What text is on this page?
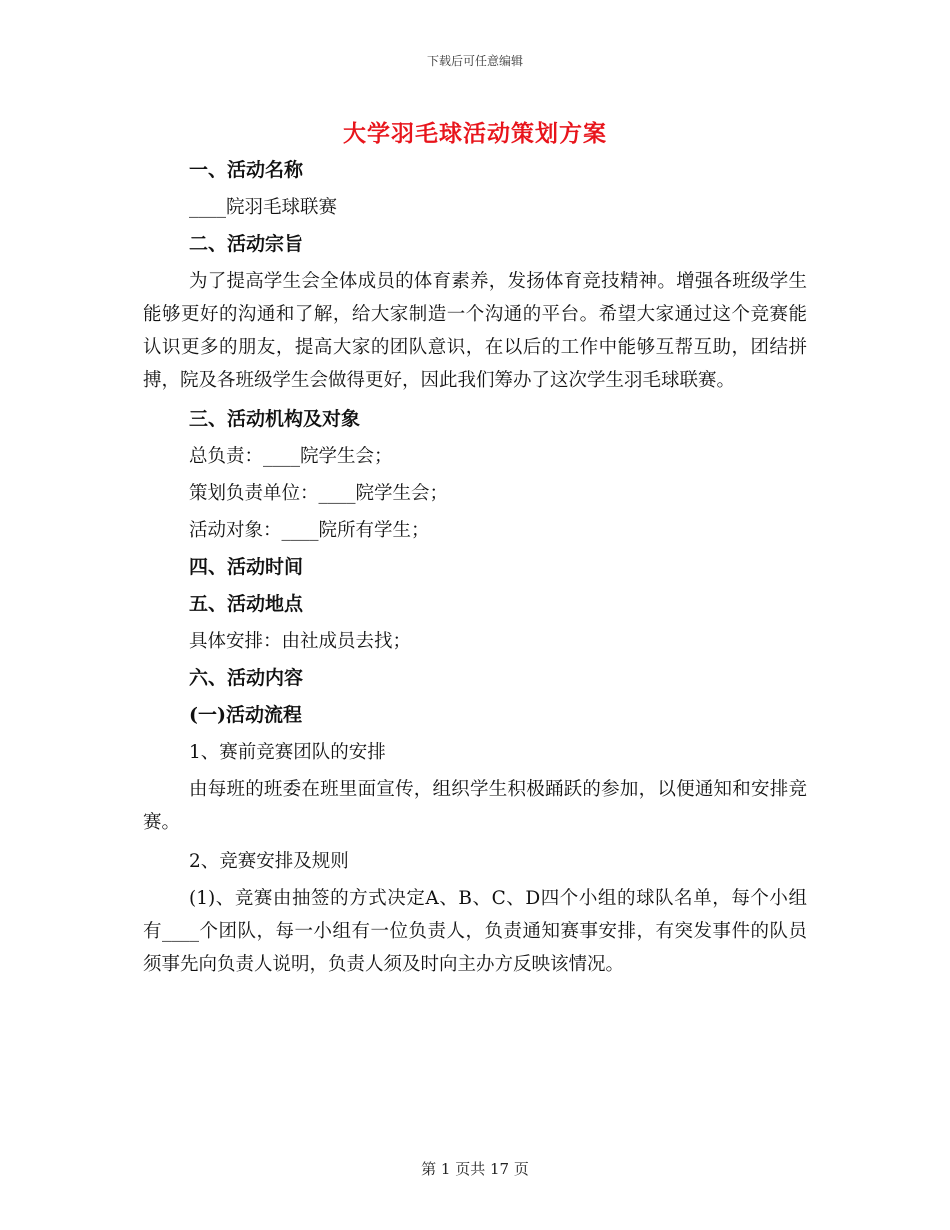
下载后可任意编辑
大学羽毛球活动策划方案
一、活动名称
____院羽毛球联赛
二、活动宗旨
为了提高学生会全体成员的体育素养，发扬体育竞技精神。增强各班级学生能够更好的沟通和了解，给大家制造一个沟通的平台。希望大家通过这个竞赛能认识更多的朋友，提高大家的团队意识，在以后的工作中能够互帮互助，团结拼搏，院及各班级学生会做得更好，因此我们筹办了这次学生羽毛球联赛。
三、活动机构及对象
总负责：____院学生会；
策划负责单位：____院学生会；
活动对象：____院所有学生；
四、活动时间
五、活动地点
具体安排：由社成员去找；
六、活动内容
(一)活动流程
1、赛前竞赛团队的安排
由每班的班委在班里面宣传，组织学生积极踊跃的参加，以便通知和安排竞赛。
2、竞赛安排及规则
(1)、竞赛由抽签的方式决定A、B、C、D四个小组的球队名单，每个小组有____个团队，每一小组有一位负责人，负责通知赛事安排，有突发事件的队员须事先向负责人说明，负责人须及时向主办方反映该情况。
第 1 页共 17 页
